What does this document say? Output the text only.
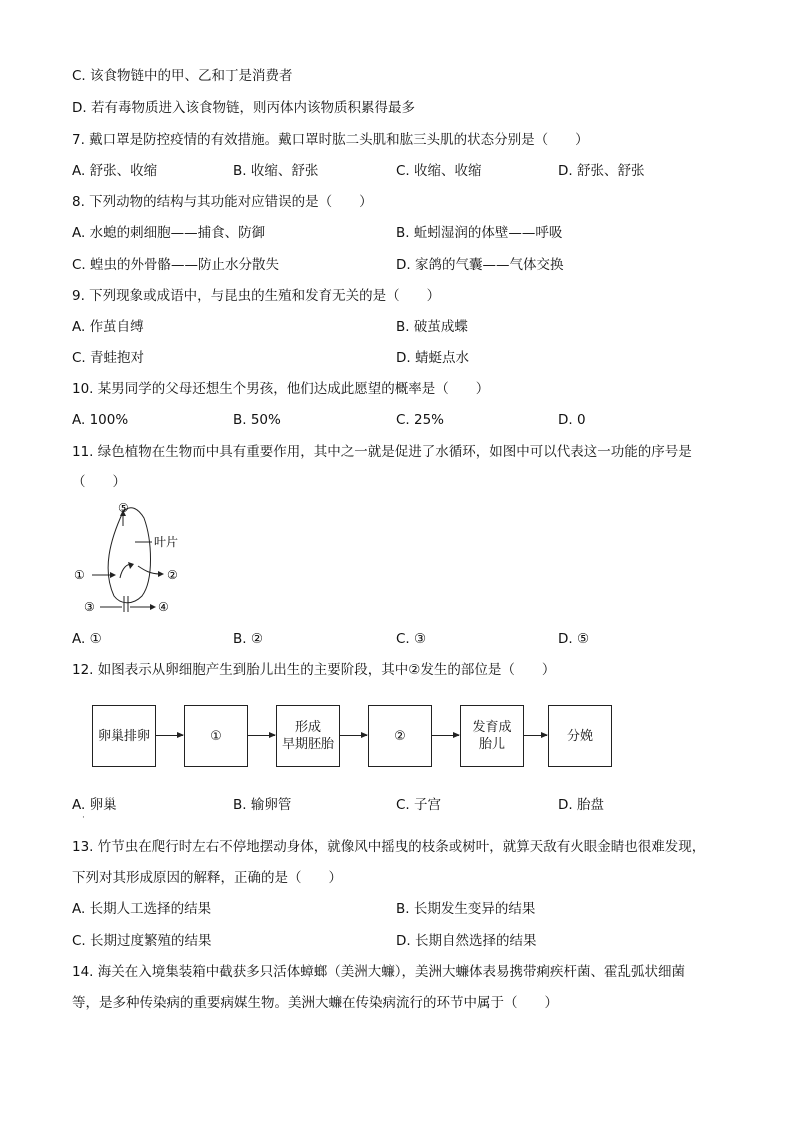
C. 该食物链中的甲、乙和丁是消费者
D. 若有毒物质进入该食物链，则丙体内该物质积累得最多
7. 戴口罩是防控疫情的有效措施。戴口罩时肱二头肌和肱三头肌的状态分别是（　　）
A. 舒张、收缩	B. 收缩、舒张	C. 收缩、收缩	D. 舒张、舒张
8. 下列动物的结构与其功能对应错误的是（　　）
A. 水螅的刺细胞——捕食、防御	B. 蚯蚓湿润的体壁——呼吸
C. 蝗虫的外骨骼——防止水分散失	D. 家鸽的气囊——气体交换
9. 下列现象或成语中，与昆虫的生殖和发育无关的是（　　）
A. 作茧自缚	B. 破茧成蝶
C. 青蛙抱对	D. 蜻蜓点水
10. 某男同学的父母还想生个男孩，他们达成此愿望的概率是（　　）
A. 100%	B. 50%	C. 25%	D. 0
11. 绿色植物在生物而中具有重要作用，其中之一就是促进了水循环，如图中可以代表这一功能的序号是
（　　）
叶片
⑤
①	②
③	④
A. ①	B. ②	C. ③	D. ⑤
12. 如图表示从卵细胞产生到胎儿出生的主要阶段，其中②发生的部位是（　　）
卵巢排卵	①
形成
早期胚胎
②
发育成
胎儿
分娩
A. 卵巢	B. 输卵管	C. 子宫	D. 胎盘
·
13. 竹节虫在爬行时左右不停地摆动身体，就像风中摇曳的枝条或树叶，就算天敌有火眼金睛也很难发现，
下列对其形成原因的解释，正确的是（　　）
A. 长期人工选择的结果	B. 长期发生变异的结果
C. 长期过度繁殖的结果	D. 长期自然选择的结果
14. 海关在入境集装箱中截获多只活体蟑螂（美洲大蠊），美洲大蠊体表易携带痢疾杆菌、霍乱弧状细菌
等，是多种传染病的重要病媒生物。美洲大蠊在传染病流行的环节中属于（　　）
